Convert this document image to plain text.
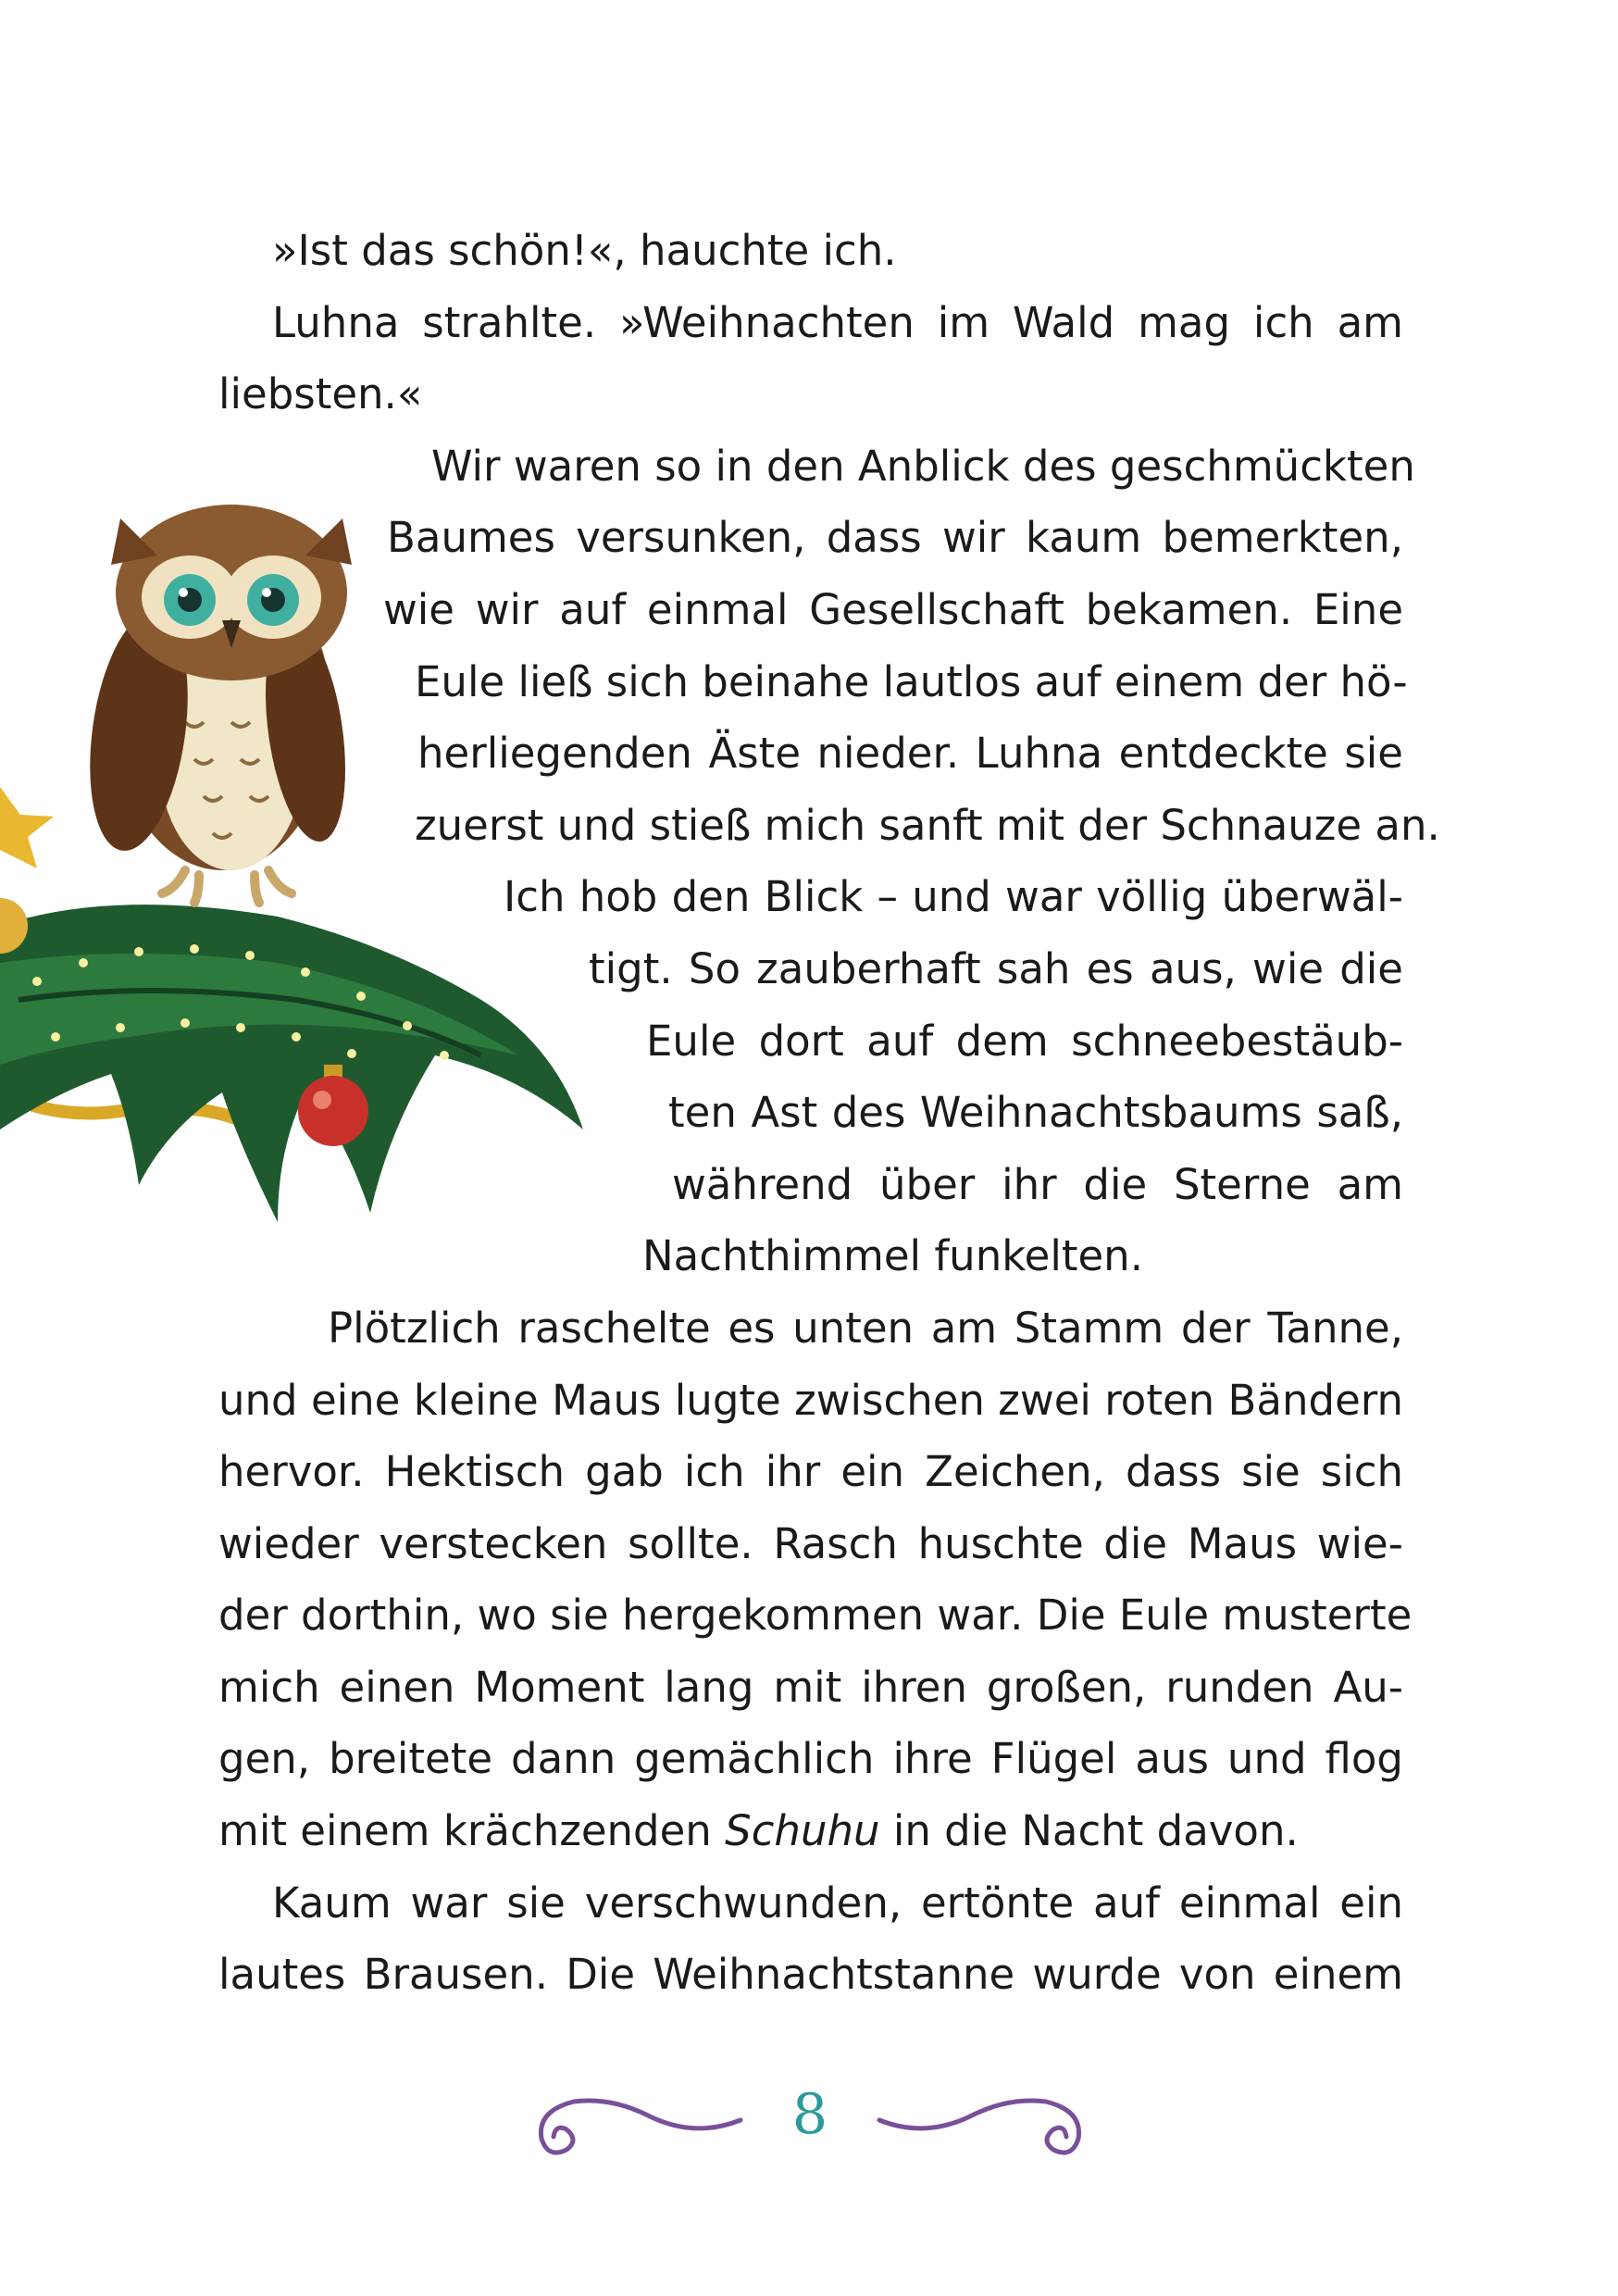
»Ist das schön!«, hauchte ich.
Luhna strahlte. »Weihnachten im Wald mag ich am
liebsten.«
Wir waren so in den Anblick des geschmückten
Baumes versunken, dass wir kaum bemerkten,
wie wir auf einmal Gesellschaft bekamen. Eine
Eule ließ sich beinahe lautlos auf einem der hö-
herliegenden Äste nieder. Luhna entdeckte sie
zuerst und stieß mich sanft mit der Schnauze an.
Ich hob den Blick – und war völlig überwäl-
tigt. So zauberhaft sah es aus, wie die
Eule dort auf dem schneebestäub-
ten Ast des Weihnachtsbaums saß,
während über ihr die Sterne am
Nachthimmel funkelten.
Plötzlich raschelte es unten am Stamm der Tanne,
und eine kleine Maus lugte zwischen zwei roten Bändern
hervor. Hektisch gab ich ihr ein Zeichen, dass sie sich
wieder verstecken sollte. Rasch huschte die Maus wie-
der dorthin, wo sie hergekommen war. Die Eule musterte
mich einen Moment lang mit ihren großen, runden Au-
gen, breitete dann gemächlich ihre Flügel aus und flog
mit einem krächzenden Schuhu in die Nacht davon.
Kaum war sie verschwunden, ertönte auf einmal ein
lautes Brausen. Die Weihnachtstanne wurde von einem
8
